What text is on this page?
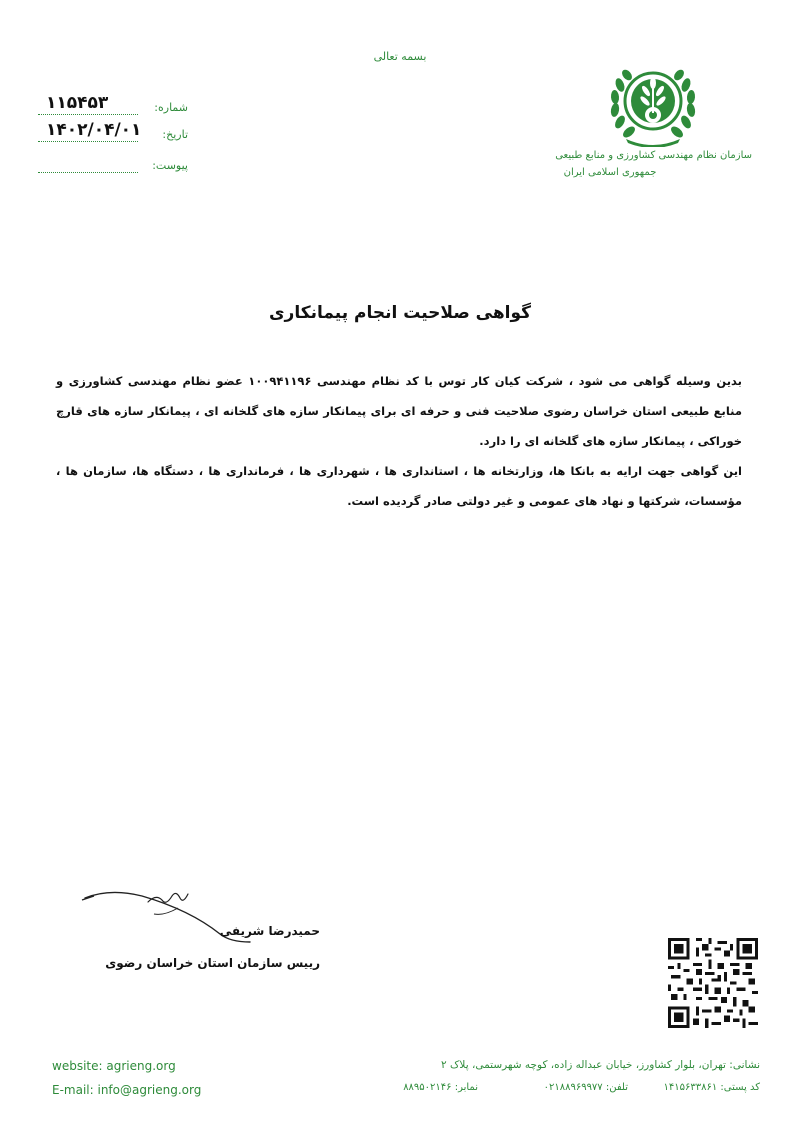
بسمه تعالی
سازمان نظام مهندسی کشاورزی و منابع طبیعی
جمهوری اسلامی ایران
شماره:
۱۱۵۴۵۳
تاریخ:
۱۴۰۲/۰۴/۰۱
پیوست:
گواهی صلاحیت انجام پیمانکاری

بدین وسیله گواهی می شود ، شرکت کیان کار توس با کد نظام مهندسی ۱۰۰۹۴۱۱۹۶ عضو نظام مهندسی کشاورزی و منابع طبیعی استان خراسان رضوی صلاحیت فنی و حرفه ای برای پیمانکار سازه های گلخانه ای ، پیمانکار سازه های قارچ خوراکی ، پیمانکار سازه های گلخانه ای را دارد.

این گواهی جهت ارایه به بانکا ها، وزارتخانه ها ، استانداری ها ، شهرداری ها ، فرمانداری ها ، دستگاه ها، سازمان ها ، مؤسسات، شرکتها و نهاد های عمومی و غیر دولتی صادر گردیده است.

حمیدرضا شریفی
رییس سازمان استان خراسان رضوی
website: agrieng.org
E-mail: info@agrieng.org
نشانی: تهران، بلوار کشاورز، خیابان عبداله زاده، کوچه شهرستمی، پلاک ۲
کد پستی: ۱۴۱۵۶۳۳۸۶۱
تلفن: ۰۲۱۸۸۹۶۹۹۷۷
نمابر: ۸۸۹۵۰۲۱۴۶
